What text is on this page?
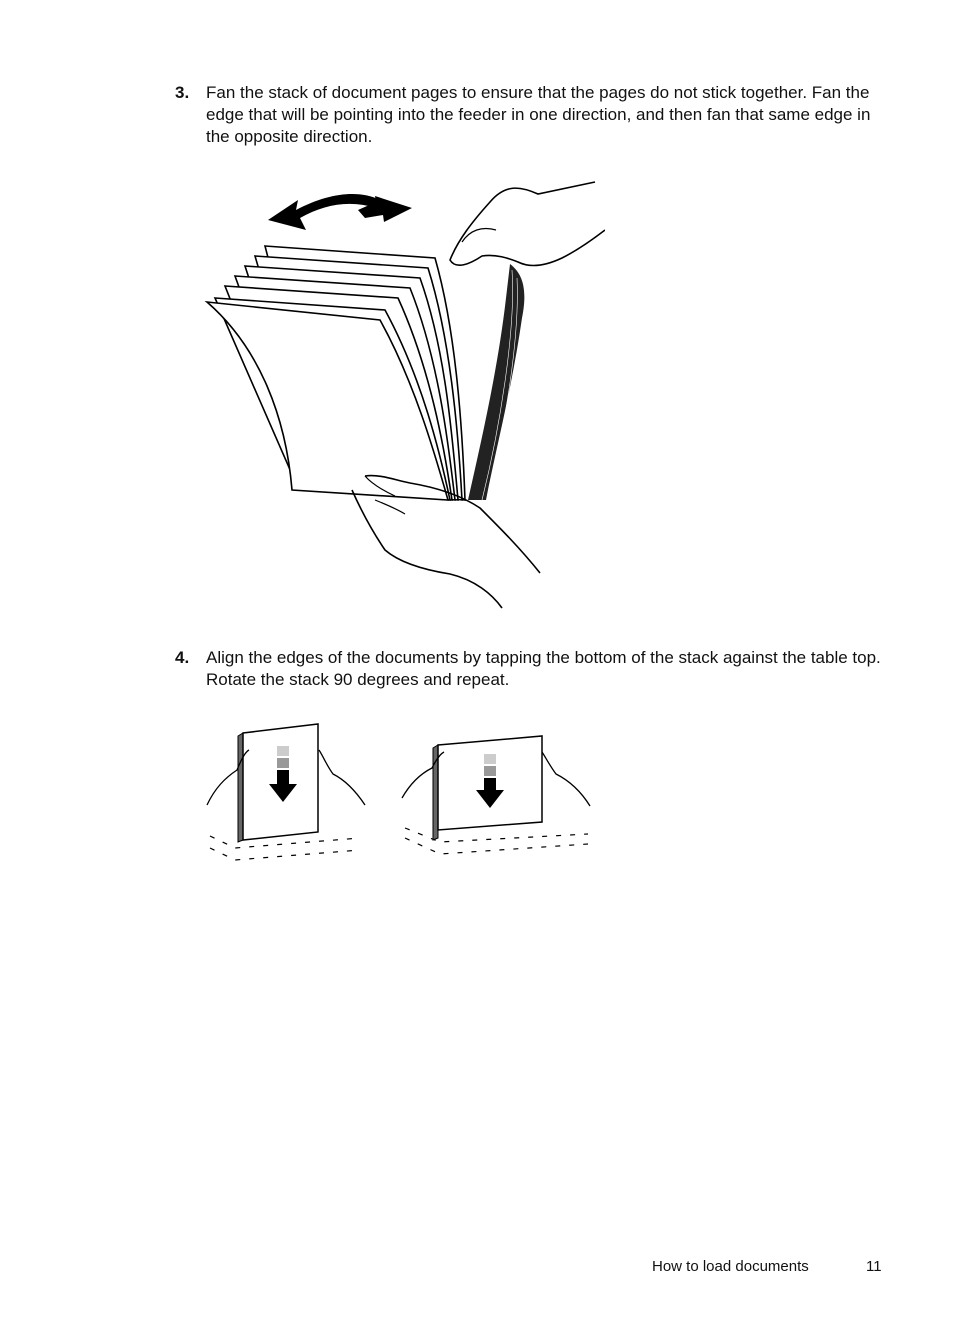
3. Fan the stack of document pages to ensure that the pages do not stick together. Fan the edge that will be pointing into the feeder in one direction, and then fan that same edge in the opposite direction.
4. Align the edges of the documents by tapping the bottom of the stack against the table top. Rotate the stack 90 degrees and repeat.
How to load documents	11
